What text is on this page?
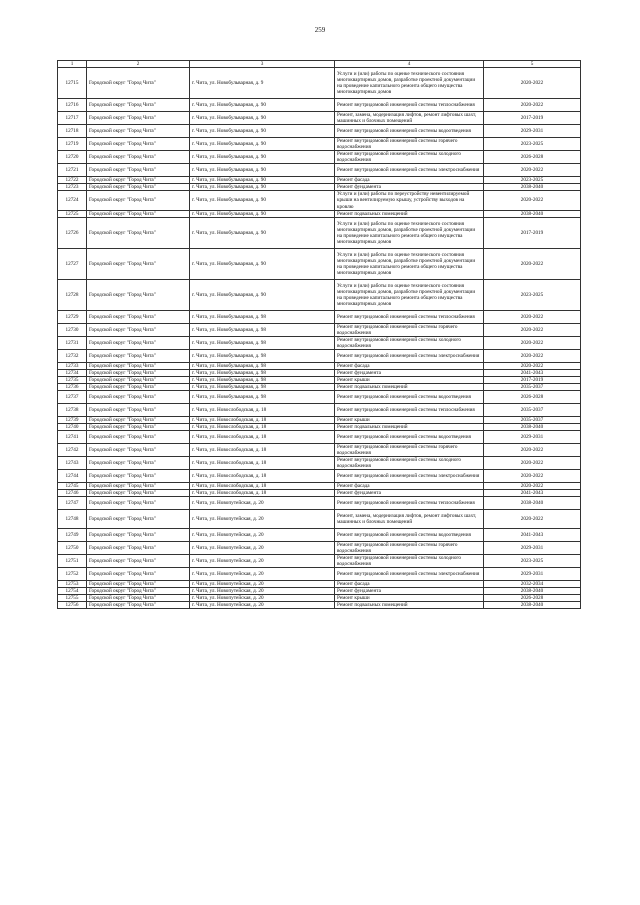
259
1	2	3	4	5
12715	Городской округ "Город Чита"	г. Чита, ул. Новобульварная, д. 9	Услуги и (или) работы по оценке технического состояния многоквартирных домов, разработке проектной документации на проведение капитального ремонта общего имущества многоквартирных домов	2020-2022
12716	Городской округ "Город Чита"	г. Чита, ул. Новобульварная, д. 90	Ремонт внутридомовой инженерной системы теплоснабжения	2020-2022
12717	Городской округ "Город Чита"	г. Чита, ул. Новобульварная, д. 90	Ремонт, замена, модернизация лифтов, ремонт лифтовых шахт, машинных и блочных помещений	2017-2019
12718	Городской округ "Город Чита"	г. Чита, ул. Новобульварная, д. 90	Ремонт внутридомовой инженерной системы водоотведения	2029-2031
12719	Городской округ "Город Чита"	г. Чита, ул. Новобульварная, д. 90	Ремонт внутридомовой инженерной системы горячего водоснабжения	2023-2025
12720	Городской округ "Город Чита"	г. Чита, ул. Новобульварная, д. 90	Ремонт внутридомовой инженерной системы холодного водоснабжения	2026-2028
12721	Городской округ "Город Чита"	г. Чита, ул. Новобульварная, д. 90	Ремонт внутридомовой инженерной системы электроснабжения	2020-2022
12722	Городской округ "Город Чита"	г. Чита, ул. Новобульварная, д. 90	Ремонт фасада	2023-2025
12723	Городской округ "Город Чита"	г. Чита, ул. Новобульварная, д. 90	Ремонт фундамента	2038-2040
12724	Городской округ "Город Чита"	г. Чита, ул. Новобульварная, д. 90	Услуги и (или) работы по переустройству невентилируемой крыши на вентилируемую крышу, устройству выходов на кровлю	2020-2022
12725	Городской округ "Город Чита"	г. Чита, ул. Новобульварная, д. 90	Ремонт подвальных помещений	2038-2040
12726	Городской округ "Город Чита"	г. Чита, ул. Новобульварная, д. 90	Услуги и (или) работы по оценке технического состояния многоквартирных домов, разработке проектной документации на проведение капитального ремонта общего имущества многоквартирных домов	2017-2019
12727	Городской округ "Город Чита"	г. Чита, ул. Новобульварная, д. 90	Услуги и (или) работы по оценке технического состояния многоквартирных домов, разработке проектной документации на проведение капитального ремонта общего имущества многоквартирных домов	2020-2022
12728	Городской округ "Город Чита"	г. Чита, ул. Новобульварная, д. 90	Услуги и (или) работы по оценке технического состояния многоквартирных домов, разработке проектной документации на проведение капитального ремонта общего имущества многоквартирных домов	2023-2025
12729	Городской округ "Город Чита"	г. Чита, ул. Новобульварная, д. 98	Ремонт внутридомовой инженерной системы теплоснабжения	2020-2022
12730	Городской округ "Город Чита"	г. Чита, ул. Новобульварная, д. 98	Ремонт внутридомовой инженерной системы горячего водоснабжения	2020-2022
12731	Городской округ "Город Чита"	г. Чита, ул. Новобульварная, д. 98	Ремонт внутридомовой инженерной системы холодного водоснабжения	2020-2022
12732	Городской округ "Город Чита"	г. Чита, ул. Новобульварная, д. 98	Ремонт внутридомовой инженерной системы электроснабжения	2020-2022
12733	Городской округ "Город Чита"	г. Чита, ул. Новобульварная, д. 98	Ремонт фасада	2020-2022
12734	Городской округ "Город Чита"	г. Чита, ул. Новобульварная, д. 98	Ремонт фундамента	2041-2043
12735	Городской округ "Город Чита"	г. Чита, ул. Новобульварная, д. 98	Ремонт крыши	2017-2019
12736	Городской округ "Город Чита"	г. Чита, ул. Новобульварная, д. 98	Ремонт подвальных помещений	2035-2037
12737	Городской округ "Город Чита"	г. Чита, ул. Новобульварная, д. 98	Ремонт внутридомовой инженерной системы водоотведения	2026-2028
12738	Городской округ "Город Чита"	г. Чита, ул. Новослободская, д. 18	Ремонт внутридомовой инженерной системы теплоснабжения	2035-2037
12739	Городской округ "Город Чита"	г. Чита, ул. Новослободская, д. 18	Ремонт крыши	2035-2037
12740	Городской округ "Город Чита"	г. Чита, ул. Новослободская, д. 18	Ремонт подвальных помещений	2038-2040
12741	Городской округ "Город Чита"	г. Чита, ул. Новослободская, д. 18	Ремонт внутридомовой инженерной системы водоотведения	2029-2031
12742	Городской округ "Город Чита"	г. Чита, ул. Новослободская, д. 18	Ремонт внутридомовой инженерной системы горячего водоснабжения	2020-2022
12743	Городской округ "Город Чита"	г. Чита, ул. Новослободская, д. 18	Ремонт внутридомовой инженерной системы холодного водоснабжения	2020-2022
12744	Городской округ "Город Чита"	г. Чита, ул. Новослободская, д. 18	Ремонт внутридомовой инженерной системы электроснабжения	2020-2022
12745	Городской округ "Город Чита"	г. Чита, ул. Новослободская, д. 18	Ремонт фасада	2020-2022
12746	Городской округ "Город Чита"	г. Чита, ул. Новослободская, д. 18	Ремонт фундамента	2041-2043
12747	Городской округ "Город Чита"	г. Чита, ул. Новопутейская, д. 20	Ремонт внутридомовой инженерной системы теплоснабжения	2038-2040
12748	Городской округ "Город Чита"	г. Чита, ул. Новопутейская, д. 20	Ремонт, замена, модернизация лифтов, ремонт лифтовых шахт, машинных и блочных помещений	2020-2022
12749	Городской округ "Город Чита"	г. Чита, ул. Новопутейская, д. 20	Ремонт внутридомовой инженерной системы водоотведения	2041-2043
12750	Городской округ "Город Чита"	г. Чита, ул. Новопутейская, д. 20	Ремонт внутридомовой инженерной системы горячего водоснабжения	2029-2031
12751	Городской округ "Город Чита"	г. Чита, ул. Новопутейская, д. 20	Ремонт внутридомовой инженерной системы холодного водоснабжения	2023-2025
12752	Городской округ "Город Чита"	г. Чита, ул. Новопутейская, д. 20	Ремонт внутридомовой инженерной системы электроснабжения	2029-2031
12753	Городской округ "Город Чита"	г. Чита, ул. Новопутейская, д. 20	Ремонт фасада	2032-2034
12754	Городской округ "Город Чита"	г. Чита, ул. Новопутейская, д. 20	Ремонт фундамента	2038-2040
12755	Городской округ "Город Чита"	г. Чита, ул. Новопутейская, д. 20	Ремонт крыши	2026-2028
12756	Городской округ "Город Чита"	г. Чита, ул. Новопутейская, д. 20	Ремонт подвальных помещений	2038-2040
